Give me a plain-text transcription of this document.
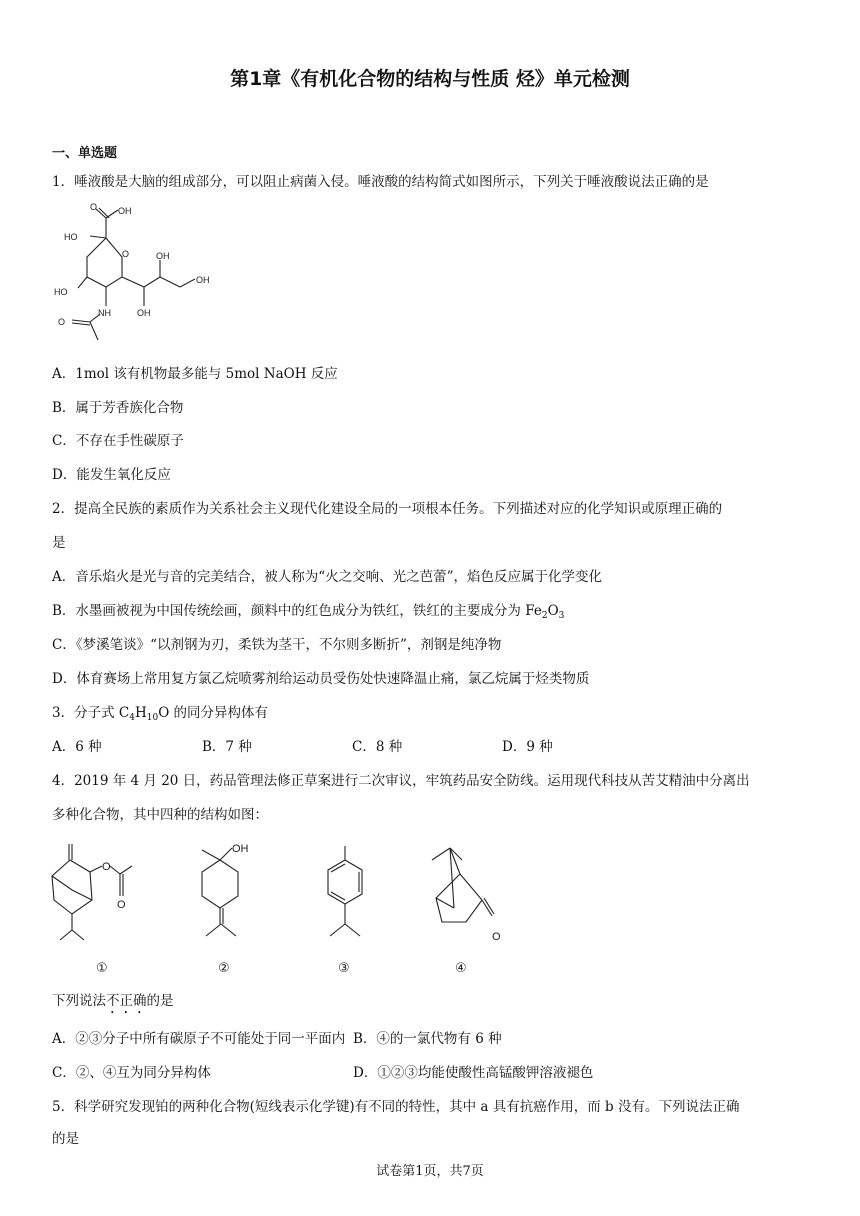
第1章《有机化合物的结构与性质 烃》单元检测
一、单选题
1．唾液酸是大脑的组成部分，可以阻止病菌入侵。唾液酸的结构简式如图所示，下列关于唾液酸说法正确的是
O
OH
HO
O
OH
OH
HO
NH	OH
O
A．1mol 该有机物最多能与 5mol NaOH 反应
B．属于芳香族化合物
C．不存在手性碳原子
D．能发生氧化反应
2．提高全民族的素质作为关系社会主义现代化建设全局的一项根本任务。下列描述对应的化学知识或原理正确的
是
A．音乐焰火是光与音的完美结合，被人称为“火之交响、光之芭蕾”，焰色反应属于化学变化
B．水墨画被视为中国传统绘画，颜料中的红色成分为铁红，铁红的主要成分为 $Fe_2O_3$
C．《梦溪笔谈》“以剂钢为刃，柔铁为茎干，不尔则多断折”，剂钢是纯净物
D．体育赛场上常用复方氯乙烷喷雾剂给运动员受伤处快速降温止痛，氯乙烷属于烃类物质
3．分子式 $C_4H_{10}O$ 的同分异构体有
A．6 种	B．7 种	C．8 种	D．9 种
4．2019 年 4 月 20 日，药品管理法修正草案进行二次审议，牢筑药品安全防线。运用现代科技从苦艾精油中分离出
多种化合物，其中四种的结构如图：
O
O
OH
O
①	②	③	④
下列说法不正确的是
A．②③分子中所有碳原子不可能处于同一平面内 B．④的一氯代物有 6 种
C．②、④互为同分异构体	D．①②③均能使酸性高锰酸钾溶液褪色
5．科学研究发现铂的两种化合物(短线表示化学键)有不同的特性，其中 a 具有抗癌作用，而 b 没有。下列说法正确
的是
试卷第1页，共7页
